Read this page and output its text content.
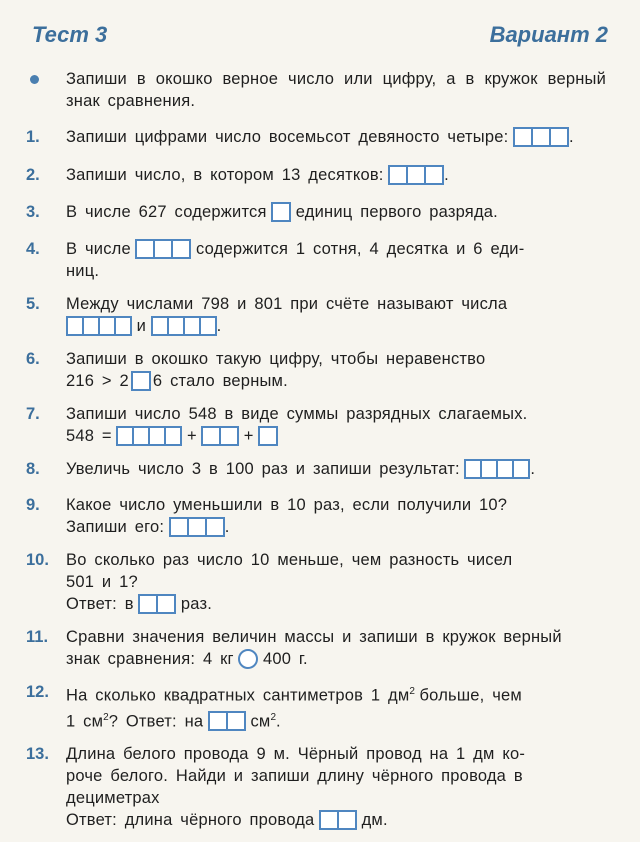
Тест 3	Вариант 2
Запиши в окошко верное число или цифру, а в кружок верный знак сравнения.
1. Запиши цифрами число восемьсот девяносто четыре:	.
2. Запиши число, в котором 13 десятков:	.
3. В числе 627 содержится единиц первого разряда.
4. В числе	содержится 1 сотня, 4 десятка и 6 еди-
ниц.
5. Между числами 798 и 801 при счёте называют числа
и	.
6. Запиши в окошко такую цифру, чтобы неравенство
216 > 2 6 стало верным.
7. Запиши число 548 в виде суммы разрядных слагаемых.
548 =	+	+
8. Увеличь число 3 в 100 раз и запиши результат:	.
9. Какое число уменьшили в 10 раз, если получили 10?
Запиши его:	.
10. Во сколько раз число 10 меньше, чем разность чисел
501 и 1?
Ответ: в	раз.
11. Сравни значения величин массы и запиши в кружок верный
знак сравнения: 4 кг 400 г.
12. На сколько квадратных сантиметров 1 $дм^2$ больше, чем
1 $см^2$? Ответ: на	$см^2$.
13. Длина белого провода 9 м. Чёрный провод на 1 дм ко-
роче белого. Найди и запиши длину чёрного провода в
дециметрах
Ответ: длина чёрного провода	дм.
